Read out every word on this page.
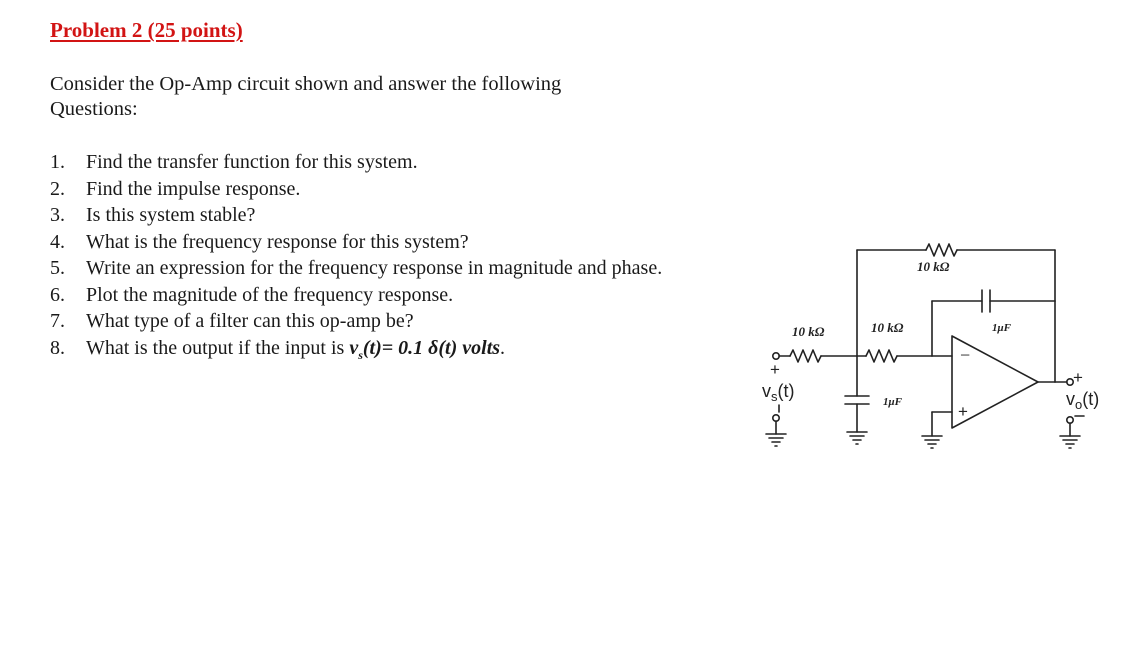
Problem 2 (25 points)
Consider the Op-Amp circuit shown and answer the following Questions:
1.	Find the transfer function for this system.
2.	Find the impulse response.
3.	Is this system stable?
4.	What is the frequency response for this system?
5.	Write an expression for the frequency response in magnitude and phase.
6.	Plot the magnitude of the frequency response.
7.	What type of a filter can this op-amp be?
8.	What is the output if the input is $v_s(t)= 0.1$ δ(t) volts.	−
+
10 kΩ	10 kΩ
10 kΩ
1μF
1μF
+
$v_s(t)$
+
$v_o(t)$
